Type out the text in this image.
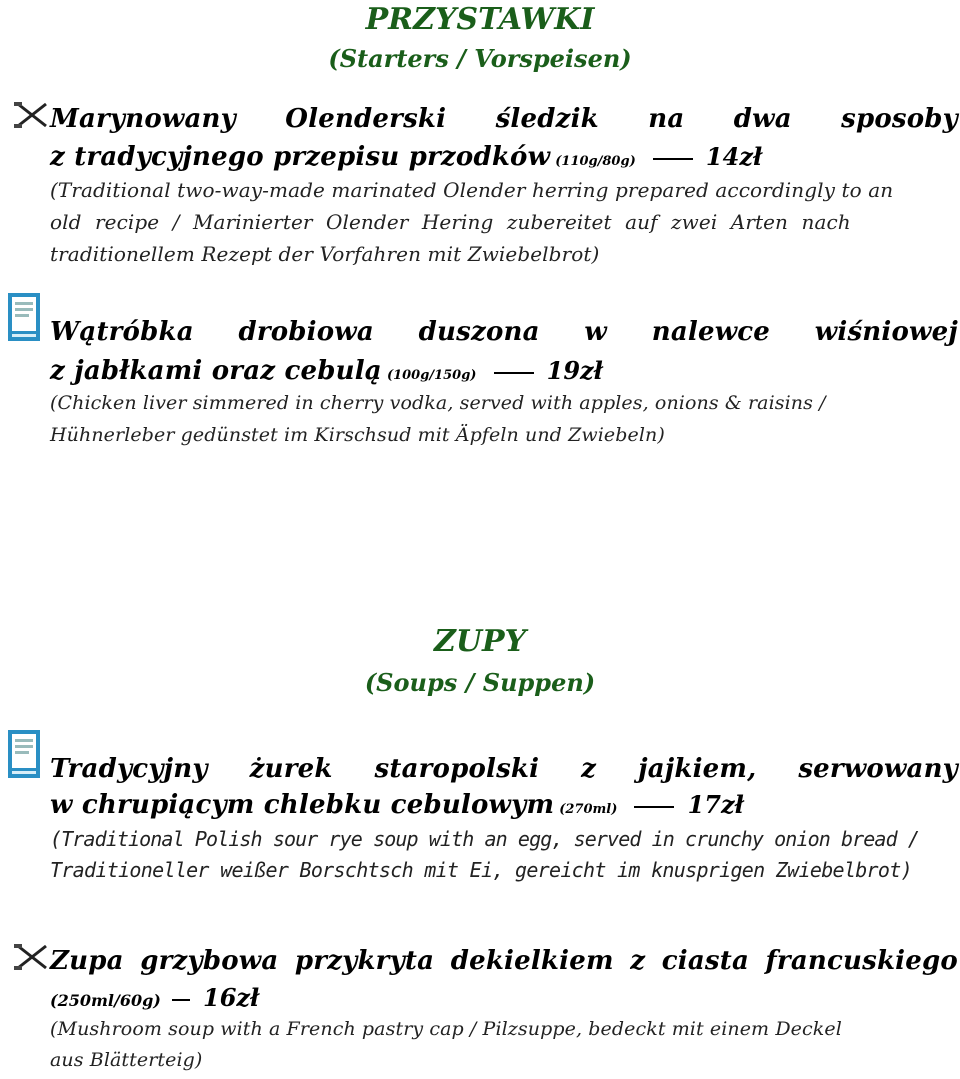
PRZYSTAWKI
(Starters / Vorspeisen)
Marynowany Olenderski śledzik na dwa sposoby
z tradycyjnego przepisu przodków (110g/80g)	14zł
(Traditional two-way-made marinated Olender herring prepared accordingly to an
old recipe / Marinierter Olender Hering zubereitet auf zwei Arten nach
traditionellem Rezept der Vorfahren mit Zwiebelbrot)
Wątróbka drobiowa duszona w nalewce wiśniowej
z jabłkami oraz cebulą (100g/150g)	19zł
(Chicken liver simmered in cherry vodka, served with apples, onions & raisins /
Hühnerleber gedünstet im Kirschsud mit Äpfeln und Zwiebeln)
ZUPY
(Soups / Suppen)
Tradycyjny żurek staropolski z jajkiem, serwowany
w chrupiącym chlebku cebulowym (270ml)	17zł
(Traditional Polish sour rye soup with an egg, served in crunchy onion bread /
Traditioneller weißer Borschtsch mit Ei, gereicht im knusprigen Zwiebelbrot)
Zupa grzybowa przykryta dekielkiem z ciasta francuskiego
(250ml/60g) 16zł
(Mushroom soup with a French pastry cap / Pilzsuppe, bedeckt mit einem Deckel
aus Blätterteig)
